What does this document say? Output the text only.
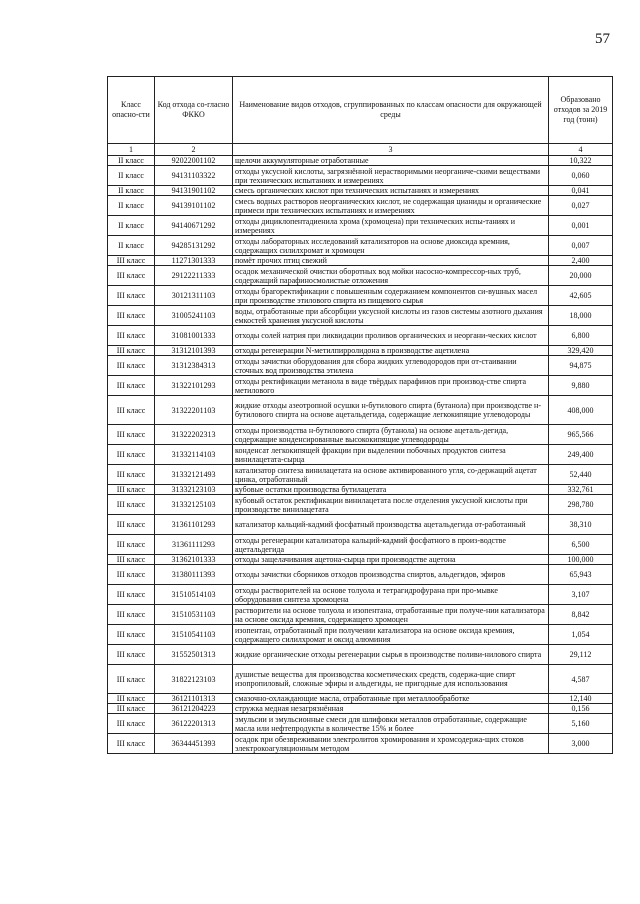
57
Класс опасно-сти	Код отхода со-гласно ФККО	Наименование видов отходов, сгруппированных по классам опасности для окружающей среды	Образовано отходов за 2019 год (тонн)
1	2	3	4
II класс	92022001102	щелочи аккумуляторные отработанные	10,322
II класс	94131103322	отходы уксусной кислоты, загрязнённой нерастворимыми неорганиче-скими веществами при технических испытаниях и измерениях	0,060
II класс	94131901102	смесь органических кислот при технических испытаниях и измерениях	0,041
II класс	94139101102	смесь водных растворов неорганических кислот, не содержащая цианиды и органические примеси при технических испытаниях и измерениях	0,027
II класс	94140671292	отходы дициклопентадиенила хрома (хромоцена) при технических испы-таниях и измерениях	0,001
II класс	94285131292	отходы лабораторных исследований катализаторов на основе диоксида кремния, содержащих силилхромат и хромоцен	0,007
III класс	11271301333	помёт прочих птиц свежий	2,400
III класс	29122211333	осадок механической очистки оборотных вод мойки насосно-компрессор-ных труб, содержащий парафиносмолистые отложения	20,000
III класс	30121311103	отходы брагоректификации с повышенным содержанием компонентов си-вушных масел при производстве этилового спирта из пищевого сырья	42,605
III класс	31005241103	воды, отработанные при абсорбции уксусной кислоты из газов системы азотного дыхания емкостей хранения уксусной кислоты	18,000
III класс	31081001333	отходы солей натрия при ликвидации проливов органических и неоргани-ческих кислот	6,800
III класс	31312101393	отходы регенерации N-метилпирролидона в производстве ацетилена	329,420
III класс	31312384313	отходы зачистки оборудования для сбора жидких углеводородов при от-стаивании сточных вод производства этилена	94,875
III класс	31322101293	отходы ректификации метанола в виде твёрдых парафинов при производ-стве спирта метилового	9,880
III класс	31322201103	жидкие отходы азеотропной осушки н-бутилового спирта (бутанола) при производстве н-бутилового спирта на основе ацетальдегида, содержащие легкокипящие углеводороды	408,000
III класс	31322202313	отходы производства н-бутилового спирта (бутанола) на основе ацеталь-дегида, содержащие конденсированные высококипящие углеводороды	965,566
III класс	31332114103	конденсат легкокипящей фракции при выделении побочных продуктов синтеза винилацетата-сырца	249,400
III класс	31332121493	катализатор синтеза винилацетата на основе активированного угля, со-держащий ацетат цинка, отработанный	52,440
III класс	31332123103	кубовые остатки производства бутилацетата	332,761
III класс	31332125103	кубовый остаток ректификации винилацетата после отделения уксусной кислоты при производстве винилацетата	298,780
III класс	31361101293	катализатор кальций-кадмий фосфатный производства ацетальдегида от-работанный	38,310
III класс	31361111293	отходы регенерации катализатора кальций-кадмий фосфатного в произ-водстве ацетальдегида	6,500
III класс	31362101333	отходы защелачивания ацетона-сырца при производстве ацетона	100,000
III класс	31380111393	отходы зачистки сборников отходов производства спиртов, альдегидов, эфиров	65,943
III класс	31510514103	отходы растворителей на основе толуола и тетрагидрофурана при про-мывке оборудования синтеза хромоцена	3,107
III класс	31510531103	растворители на основе толуола и изопентана, отработанные при получе-нии катализатора на основе оксида кремния, содержащего хромоцен	8,842
III класс	31510541103	изопентан, отработанный при получении катализатора на основе оксида кремния, содержащего силилхромат и оксид алюминия	1,054
III класс	31552501313	жидкие органические отходы регенерации сырья в производстве поливи-нилового спирта	29,112
III класс	31822123103	душистые вещества для производства косметических средств, содержа-щие спирт изопропиловый, сложные эфиры и альдегиды, не пригодные для использования	4,587
III класс	36121101313	смазочно-охлаждающие масла, отработанные при металлообработке	12,140
III класс	36121204223	стружка медная незагрязнённая	0,156
III класс	36122201313	эмульсии и эмульсионные смеси для шлифовки металлов отработанные, содержащие масла или нефтепродукты в количестве 15% и более	5,160
III класс	36344451393	осадок при обезвреживании электролитов хромирования и хромсодержа-щих стоков электрокоагуляционным методом	3,000
